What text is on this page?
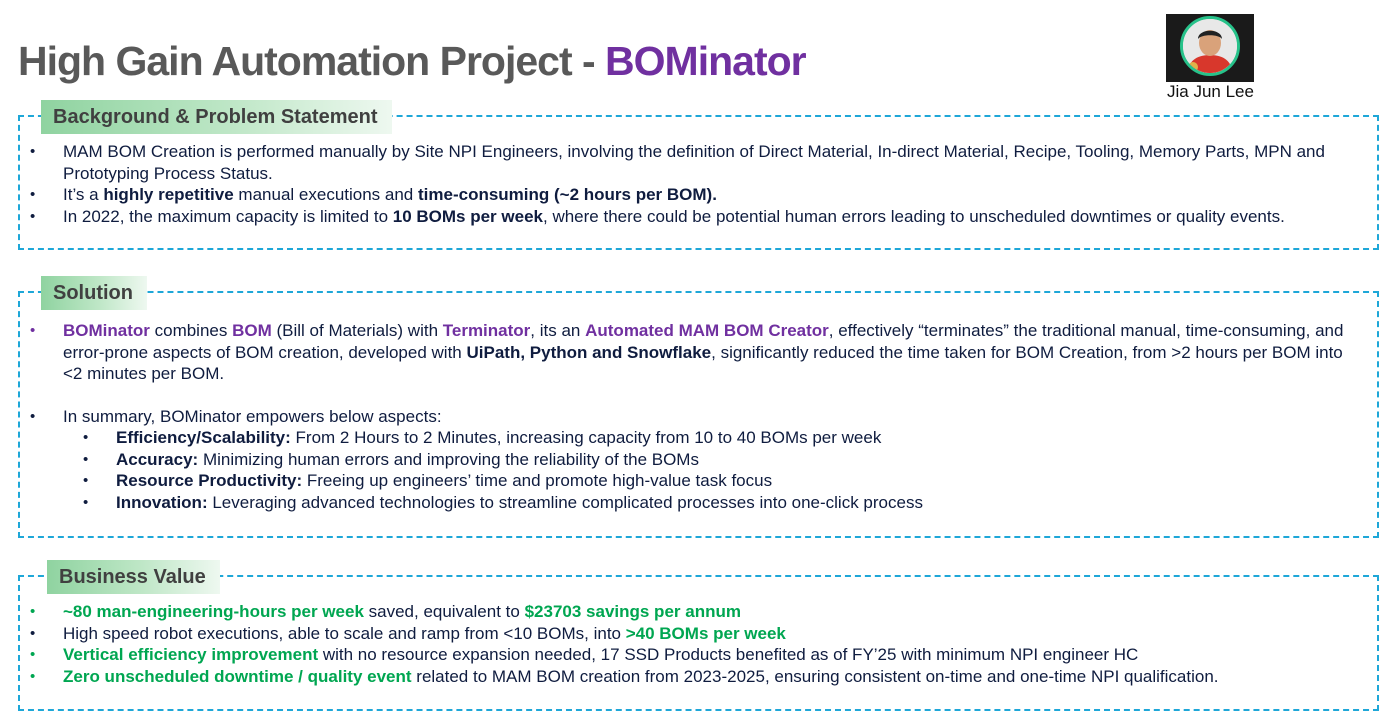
High Gain Automation Project - BOMinator
Jia Jun Lee
Background & Problem Statement
• MAM BOM Creation is performed manually by Site NPI Engineers, involving the definition of Direct Material, In-direct Material, Recipe, Tooling, Memory Parts, MPN and Prototyping Process Status.
• It’s a highly repetitive manual executions and time-consuming (~2 hours per BOM).
• In 2022, the maximum capacity is limited to 10 BOMs per week, where there could be potential human errors leading to unscheduled downtimes or quality events.
Solution
• BOMinator combines BOM (Bill of Materials) with Terminator, its an Automated MAM BOM Creator, effectively “terminates” the traditional manual, time-consuming, and error-prone aspects of BOM creation, developed with UiPath, Python and Snowflake, significantly reduced the time taken for BOM Creation, from >2 hours per BOM into <2 minutes per BOM.
• In summary, BOMinator empowers below aspects:
• Efficiency/Scalability: From 2 Hours to 2 Minutes, increasing capacity from 10 to 40 BOMs per week
• Accuracy: Minimizing human errors and improving the reliability of the BOMs
• Resource Productivity: Freeing up engineers’ time and promote high-value task focus
• Innovation: Leveraging advanced technologies to streamline complicated processes into one-click process
Business Value
• ~80 man-engineering-hours per week saved, equivalent to $23703 savings per annum
• High speed robot executions, able to scale and ramp from <10 BOMs, into >40 BOMs per week
• Vertical efficiency improvement with no resource expansion needed, 17 SSD Products benefited as of FY’25 with minimum NPI engineer HC
• Zero unscheduled downtime / quality event related to MAM BOM creation from 2023-2025, ensuring consistent on-time and one-time NPI qualification.
